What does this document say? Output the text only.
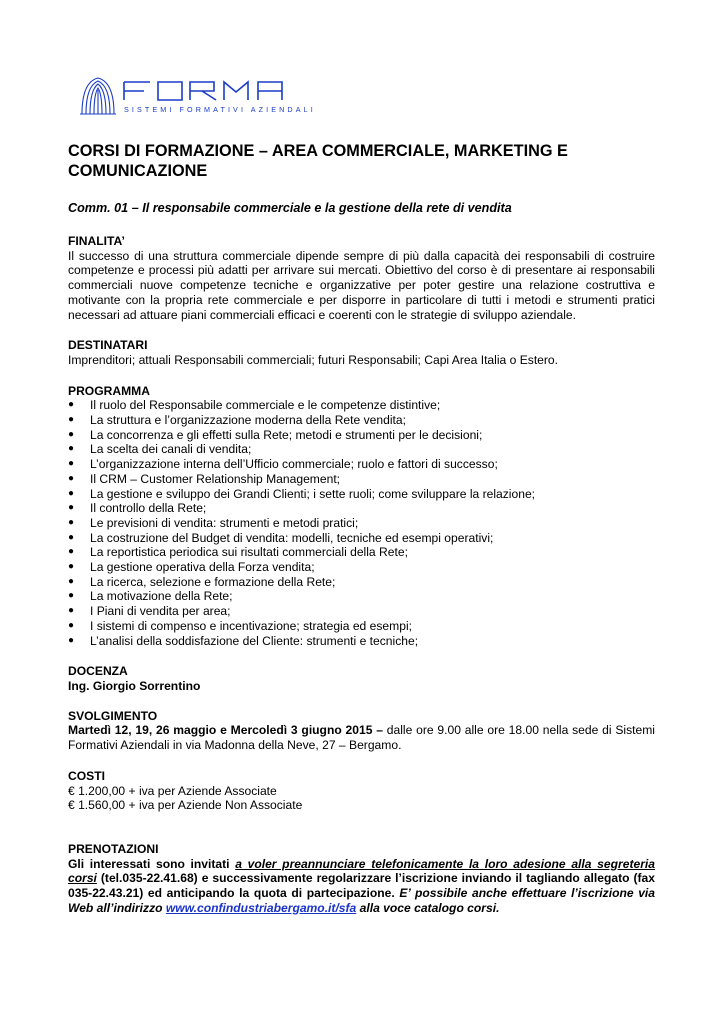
SISTEMI FORMATIVI AZIENDALI
CORSI DI FORMAZIONE – AREA COMMERCIALE, MARKETING E COMUNICAZIONE
Comm. 01 – Il responsabile commerciale e la gestione della rete di vendita

FINALITA’

Il successo di una struttura commerciale dipende sempre di più dalla capacità dei responsabili di costruire competenze e processi più adatti per arrivare sui mercati. Obiettivo del corso è di presentare ai responsabili commerciali nuove competenze tecniche e organizzative per poter gestire una relazione costruttiva e motivante con la propria rete commerciale e per disporre in particolare di tutti i metodi e strumenti pratici necessari ad attuare piani commerciali efficaci e coerenti con le strategie di sviluppo aziendale.

DESTINATARI

Imprenditori; attuali Responsabili commerciali; futuri Responsabili; Capi Area Italia o Estero.

PROGRAMMA

● Il ruolo del Responsabile commerciale e le competenze distintive;
● La struttura e l’organizzazione moderna della Rete vendita;
● La concorrenza e gli effetti sulla Rete; metodi e strumenti per le decisioni;
● La scelta dei canali di vendita;
● L’organizzazione interna dell’Ufficio commerciale; ruolo e fattori di successo;
● Il CRM – Customer Relationship Management;
● La gestione e sviluppo dei Grandi Clienti; i sette ruoli; come sviluppare la relazione;
● Il controllo della Rete;
● Le previsioni di vendita: strumenti e metodi pratici;
● La costruzione del Budget di vendita: modelli, tecniche ed esempi operativi;
● La reportistica periodica sui risultati commerciali della Rete;
● La gestione operativa della Forza vendita;
● La ricerca, selezione e formazione della Rete;
● La motivazione della Rete;
● I Piani di vendita per area;
● I sistemi di compenso e incentivazione; strategia ed esempi;
● L’analisi della soddisfazione del Cliente: strumenti e tecniche;

DOCENZA

Ing. Giorgio Sorrentino

SVOLGIMENTO

Martedì 12, 19, 26 maggio e Mercoledì 3 giugno 2015 – dalle ore 9.00 alle ore 18.00 nella sede di Sistemi Formativi Aziendali in via Madonna della Neve, 27 – Bergamo.

COSTI

€ 1.200,00 + iva per Aziende Associate

€ 1.560,00 + iva per Aziende Non Associate

PRENOTAZIONI

Gli interessati sono invitati a voler preannunciare telefonicamente la loro adesione alla segreteria corsi (tel.035-22.41.68) e successivamente regolarizzare l’iscrizione inviando il tagliando allegato (fax 035-22.43.21) ed anticipando la quota di partecipazione. E’ possibile anche effettuare l’iscrizione via Web all’indirizzo www.confindustriabergamo.it/sfa alla voce catalogo corsi.
